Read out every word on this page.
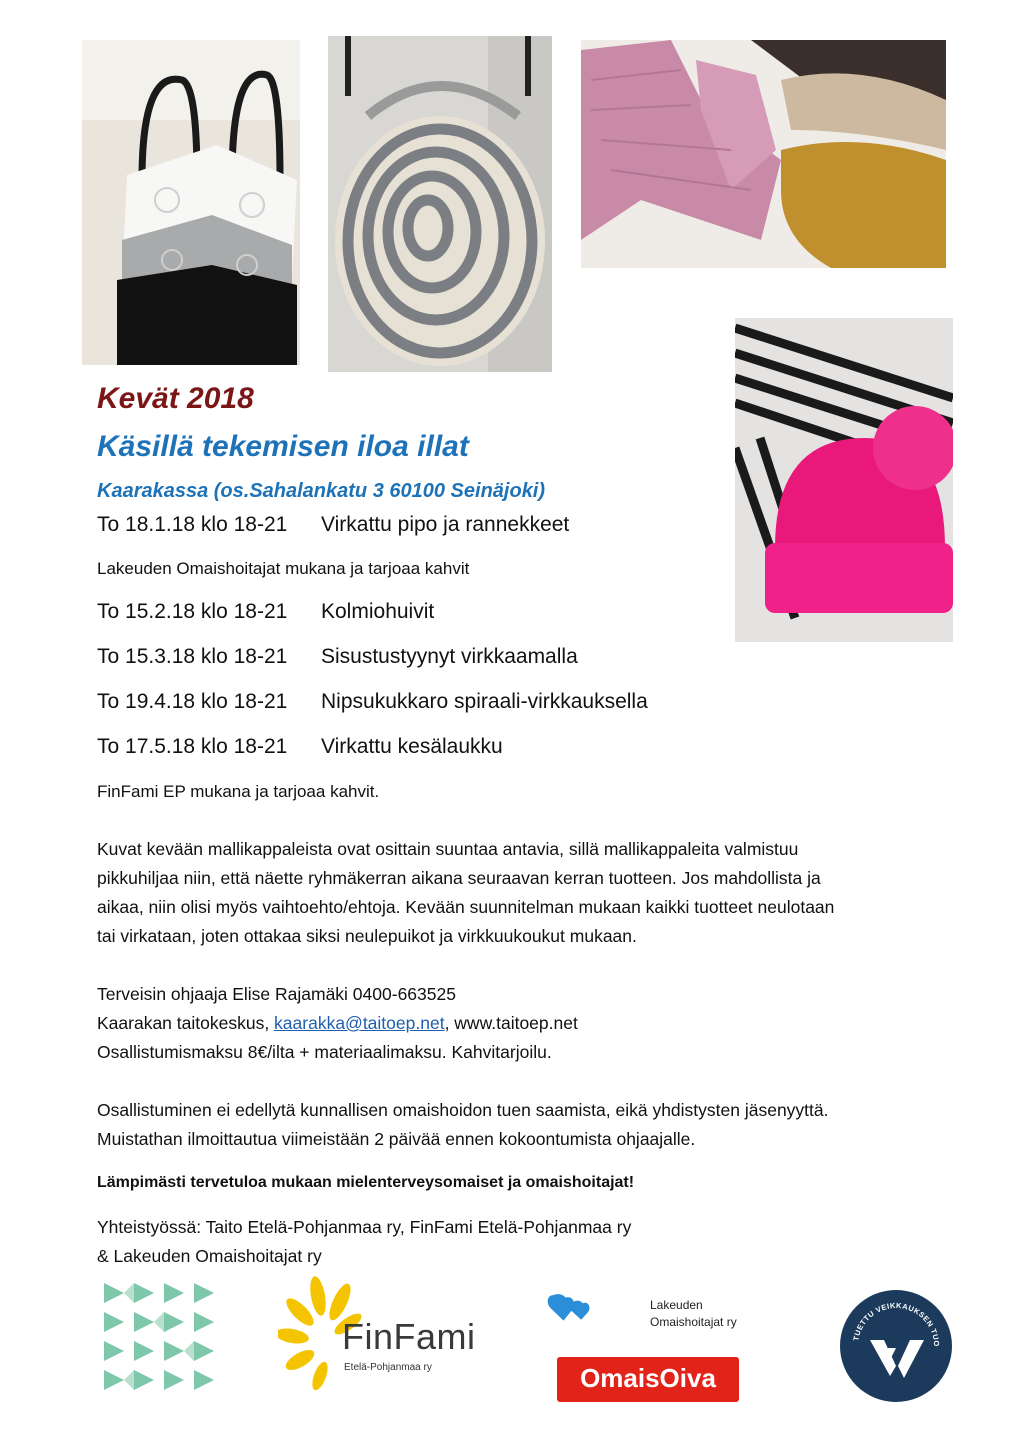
Kevät 2018
Käsillä tekemisen iloa illat
Kaarakassa (os.Sahalankatu 3 60100 Seinäjoki)
To 18.1.18 klo 18-21 Virkattu pipo ja rannekkeet
Lakeuden Omaishoitajat mukana ja tarjoaa kahvit
To 15.2.18 klo 18-21 Kolmiohuivit
To 15.3.18 klo 18-21 Sisustustyynyt virkkaamalla
To 19.4.18 klo 18-21 Nipsukukkaro spiraali-virkkauksella
To 17.5.18 klo 18-21 Virkattu kesälaukku
FinFami EP mukana ja tarjoaa kahvit.
Kuvat kevään mallikappaleista ovat osittain suuntaa antavia, sillä mallikappaleita valmistuu
pikkuhiljaa niin, että näette ryhmäkerran aikana seuraavan kerran tuotteen. Jos mahdollista ja
aikaa, niin olisi myös vaihtoehto/ehtoja. Kevään suunnitelman mukaan kaikki tuotteet neulotaan
tai virkataan, joten ottakaa siksi neulepuikot ja virkkuukoukut mukaan.
Terveisin ohjaaja Elise Rajamäki 0400-663525
Kaarakan taitokeskus, kaarakka@taitoep.net, www.taitoep.net
Osallistumismaksu 8€/ilta + materiaalimaksu. Kahvitarjoilu.
Osallistuminen ei edellytä kunnallisen omaishoidon tuen saamista, eikä yhdistysten jäsenyyttä.
Muistathan ilmoittautua viimeistään 2 päivää ennen kokoontumista ohjaajalle.
Lämpimästi tervetuloa mukaan mielenterveysomaiset ja omaishoitajat!
Yhteistyössä: Taito Etelä-Pohjanmaa ry, FinFami Etelä-Pohjanmaa ry
& Lakeuden Omaishoitajat ry
FinFami
Etelä-Pohjanmaa ry
Lakeuden
Omaishoitajat ry
OmaisOiva
TUETTU VEIKKAUKSEN TUO
